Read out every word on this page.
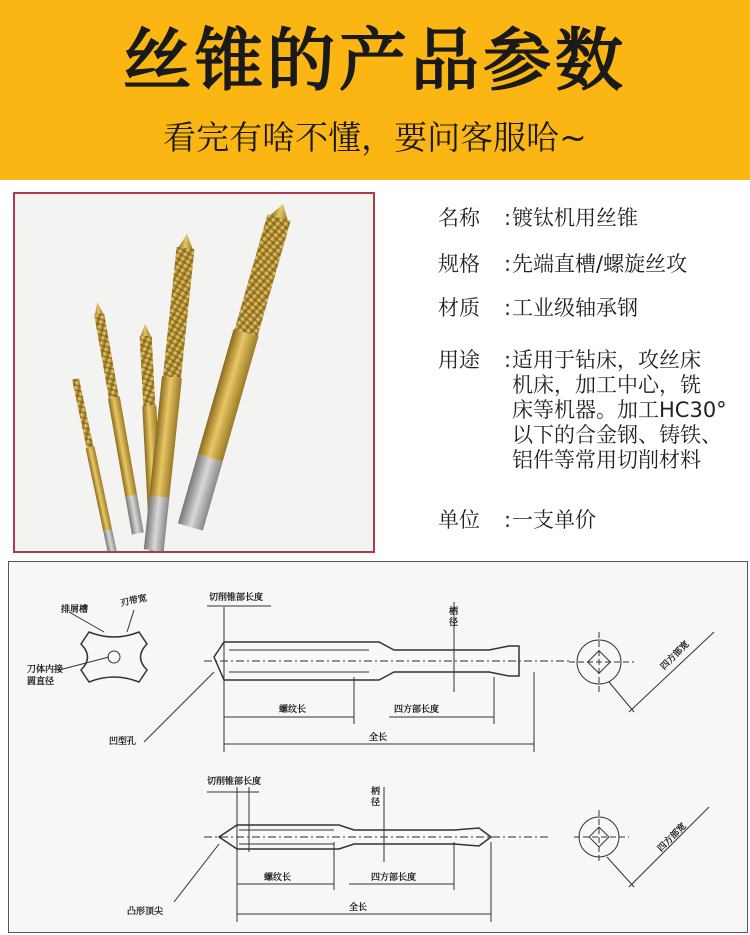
丝锥的产品参数
看完有啥不懂，要问客服哈~
名称	: 镀钛机用丝锥
规格	: 先端直槽/螺旋丝攻
材质	: 工业级轴承钢
用途	: 适用于钻床，攻丝床
机床，加工中心，铣
床等机器。加工HC30°
以下的合金钢、铸铁、
铝件等常用切削材料
单位	: 一支单价
排屑槽
刃带宽
刀体内接
圆直径
凹型孔
切削锥部长度
柄
径
螺纹长	四方部长度
全长
四方部宽
切削锥部长度
柄
径
螺纹长	四方部长度
全长
四方部宽
凸形顶尖
